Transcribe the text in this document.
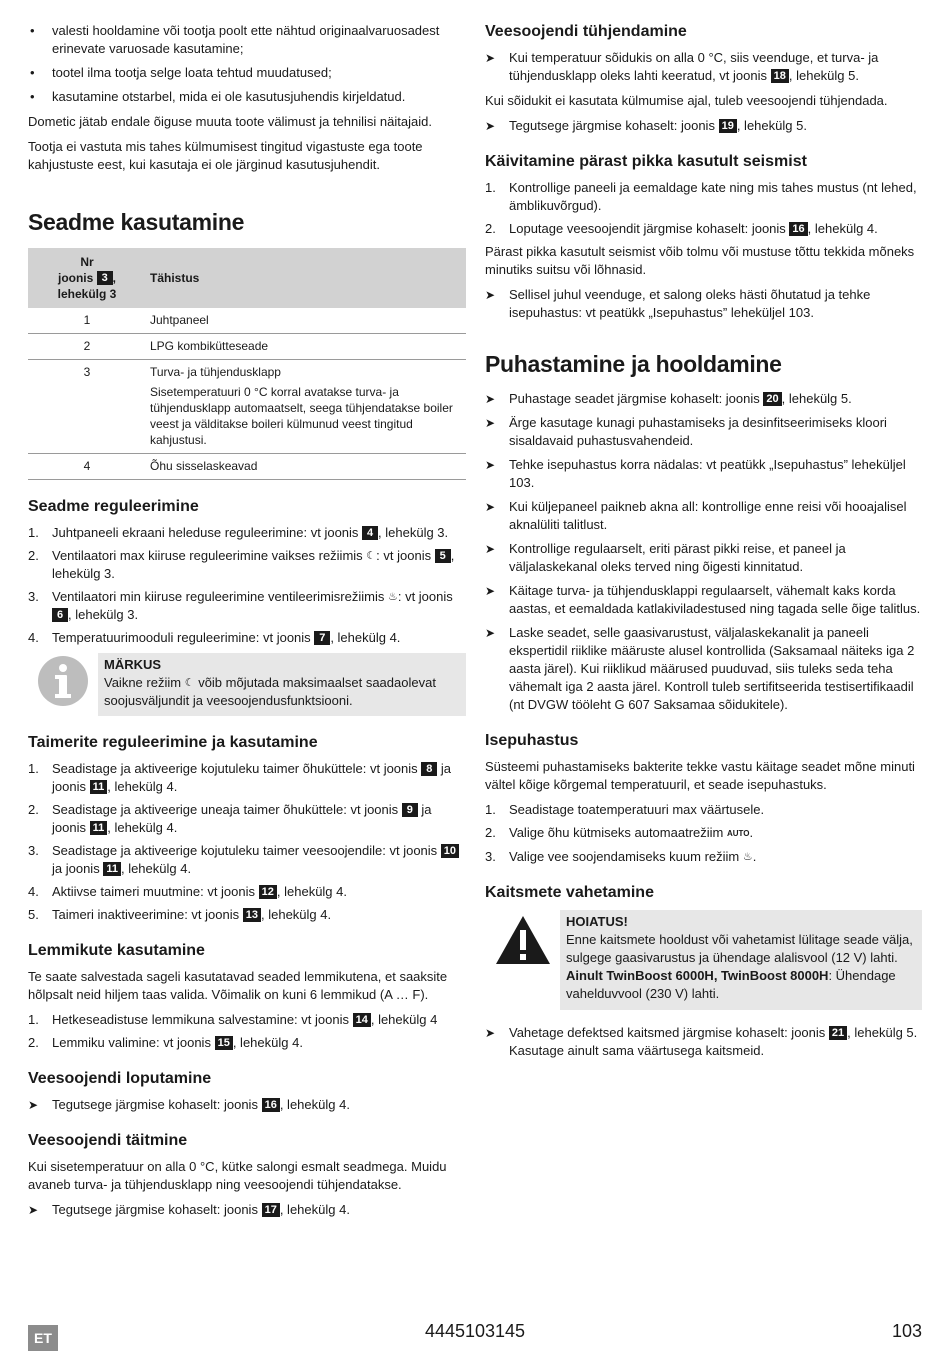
• valesti hooldamine või tootja poolt ette nähtud originaalvaruosadest erinevate varuosade kasutamine;
• tootel ilma tootja selge loata tehtud muudatused;
• kasutamine otstarbel, mida ei ole kasutusjuhendis kirjeldatud.

Dometic jätab endale õiguse muuta toote välimust ja tehnilisi näitajaid.

Tootja ei vastuta mis tahes külmumisest tingitud vigastuste ega toote kahjustuste eest, kui kasutaja ei ole järginud kasutusjuhendit.

Seadme kasutamine
Nr
joonis 3 ,
lehekülg 3	Tähistus
1	Juhtpaneel
2	LPG kombikütteseade
3	Turva- ja tühjendusklapp
Sisetemperatuuri 0 °C korral avatakse turva- ja tühjendusklapp automaatselt, seega tühjendatakse boiler veest ja välditakse boileri külmunud veest tingitud kahjustusi.

4	Õhu sisselaskeavad
Seadme reguleerimine
1. Juhtpaneeli ekraani heleduse reguleerimine: vt joonis 4 , lehekülg 3.
2. Ventilaatori max kiiruse reguleerimine vaikses režiimis ☾: vt joonis 5 , lehekülg 3.
3. Ventilaatori min kiiruse reguleerimine ventileerimisrežiimis ♨: vt joonis 6 , lehekülg 3.
4. Temperatuurimooduli reguleerimine: vt joonis 7 , lehekülg 4.
MÄRKUS
Vaikne režiim ☾ võib mõjutada maksimaalset saadaolevat soojusväljundit ja veesoojendusfunktsiooni.
Taimerite reguleerimine ja kasutamine
1. Seadistage ja aktiveerige kojutuleku taimer õhuküttele: vt joonis 8 ja joonis 11 , lehekülg 4.
2. Seadistage ja aktiveerige uneaja taimer õhuküttele: vt joonis 9 ja joonis 11 , lehekülg 4.
3. Seadistage ja aktiveerige kojutuleku taimer veesoojendile: vt joonis 10 ja joonis 11 , lehekülg 4.
4. Aktiivse taimeri muutmine: vt joonis 12 , lehekülg 4.
5. Taimeri inaktiveerimine: vt joonis 13 , lehekülg 4.
Lemmikute kasutamine

Te saate salvestada sageli kasutatavad seaded lemmikutena, et saaksite hõlpsalt neid hiljem taas valida. Võimalik on kuni 6 lemmikud (A … F).

1. Hetkeseadistuse lemmikuna salvestamine: vt joonis 14 , lehekülg 4
2. Lemmiku valimine: vt joonis 15 , lehekülg 4.
Veesoojendi loputamine
➤ Tegutsege järgmise kohaselt: joonis 16 , lehekülg 4.
Veesoojendi täitmine

Kui sisetemperatuur on alla 0 °C, kütke salongi esmalt seadmega. Muidu avaneb turva- ja tühjendusklapp ning veesoojendi tühjendatakse.

➤ Tegutsege järgmise kohaselt: joonis 17 , lehekülg 4.
Veesoojendi tühjendamine
➤ Kui temperatuur sõidukis on alla 0 °C, siis veenduge, et turva- ja tühjendusklapp oleks lahti keeratud, vt joonis 18 , lehekülg 5.

Kui sõidukit ei kasutata külmumise ajal, tuleb veesoojendi tühjendada.

➤ Tegutsege järgmise kohaselt: joonis 19 , lehekülg 5.
Käivitamine pärast pikka kasutult seismist
1. Kontrollige paneeli ja eemaldage kate ning mis tahes mustus (nt lehed, ämblikuvõrgud).
2. Loputage veesoojendit järgmise kohaselt: joonis 16 , lehekülg 4.

Pärast pikka kasutult seismist võib tolmu või mustuse tõttu tekkida mõneks minutiks suitsu või lõhnasid.

➤ Sellisel juhul veenduge, et salong oleks hästi õhutatud ja tehke isepuhastus: vt peatükk „Isepuhastus” leheküljel 103.
Puhastamine ja hooldamine
➤ Puhastage seadet järgmise kohaselt: joonis 20 , lehekülg 5.
➤ Ärge kasutage kunagi puhastamiseks ja desinfitseerimiseks kloori sisaldavaid puhastusvahendeid.
➤ Tehke isepuhastus korra nädalas: vt peatükk „Isepuhastus” leheküljel 103.
➤ Kui küljepaneel paikneb akna all: kontrollige enne reisi või hooajalisel aknalüliti talitlust.
➤ Kontrollige regulaarselt, eriti pärast pikki reise, et paneel ja väljalaskekanal oleks terved ning õigesti kinnitatud.
➤ Käitage turva- ja tühjendusklappi regulaarselt, vähemalt kaks korda aastas, et eemaldada katlakiviladestused ning tagada selle õige talitlus.
➤ Laske seadet, selle gaasivarustust, väljalaskekanalit ja paneeli ekspertidil riiklike määruste alusel kontrollida (Saksamaal näiteks iga 2 aasta järel). Kui riiklikud määrused puuduvad, siis tuleks seda teha vähemalt iga 2 aasta järel. Kontroll tuleb sertifitseerida testisertifikaadil (nt DVGW tööleht G 607 Saksamaa sõidukitele).
Isepuhastus

Süsteemi puhastamiseks bakterite tekke vastu käitage seadet mõne minuti vältel kõige kõrgemal temperatuuril, et seade isepuhastuks.

1. Seadistage toatemperatuuri max väärtusele.
2. Valige õhu kütmiseks automaatrežiim AUTO.
3. Valige vee soojendamiseks kuum režiim ♨.
Kaitsmete vahetamine
HOIATUS!
Enne kaitsmete hooldust või vahetamist lülitage seade välja, sulgege gaasivarustus ja ühendage alalisvool (12 V) lahti.
Ainult TwinBoost 6000H, TwinBoost 8000H: Ühendage vahelduvvool (230 V) lahti.
➤ Vahetage defektsed kaitsmed järgmise kohaselt: joonis 21 , lehekülg 5. Kasutage ainult sama väärtusega kaitsmeid.
ET	4445103145	103
